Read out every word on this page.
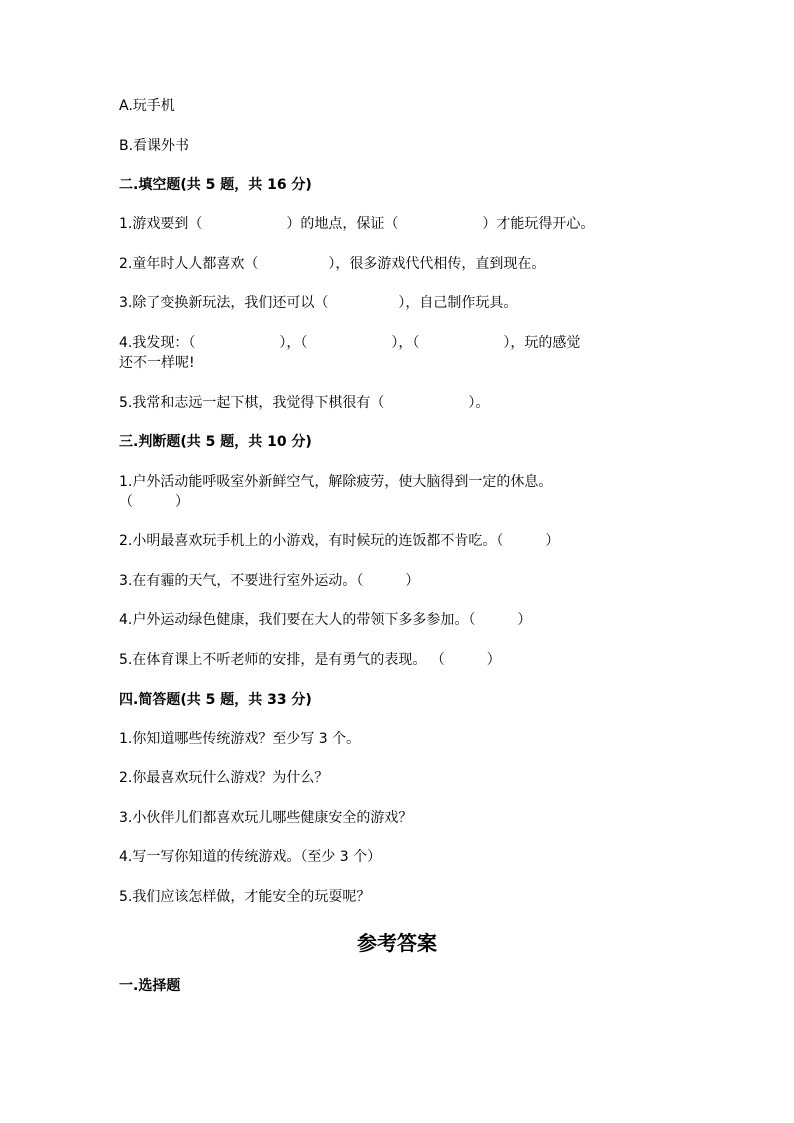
A.玩手机
B.看课外书
二.填空题(共 5 题，共 16 分)
1.游戏要到（　　　　　　）的地点，保证（　　　　　　）才能玩得开心。
2.童年时人人都喜欢（　　　　　），很多游戏代代相传，直到现在。
3.除了变换新玩法，我们还可以（　　　　　），自己制作玩具。
4.我发现：（　　　　　　），（　　　　　　），（　　　　　　），玩的感觉
还不一样呢!
5.我常和志远一起下棋，我觉得下棋很有（　　　　　　）。
三.判断题(共 5 题，共 10 分)
1.户外活动能呼吸室外新鲜空气，解除疲劳，使大脑得到一定的休息。
（　　　）
2.小明最喜欢玩手机上的小游戏，有时候玩的连饭都不肯吃。（　　　）
3.在有霾的天气，不要进行室外运动。（　　　）
4.户外运动绿色健康，我们要在大人的带领下多多参加。（　　　）
5.在体育课上不听老师的安排，是有勇气的表现。 （　　　）
四.简答题(共 5 题，共 33 分)
1.你知道哪些传统游戏？至少写 3 个。
2.你最喜欢玩什么游戏？为什么？
3.小伙伴儿们都喜欢玩儿哪些健康安全的游戏？
4.写一写你知道的传统游戏。（至少 3 个）
5.我们应该怎样做，才能安全的玩耍呢？
参考答案
一.选择题
